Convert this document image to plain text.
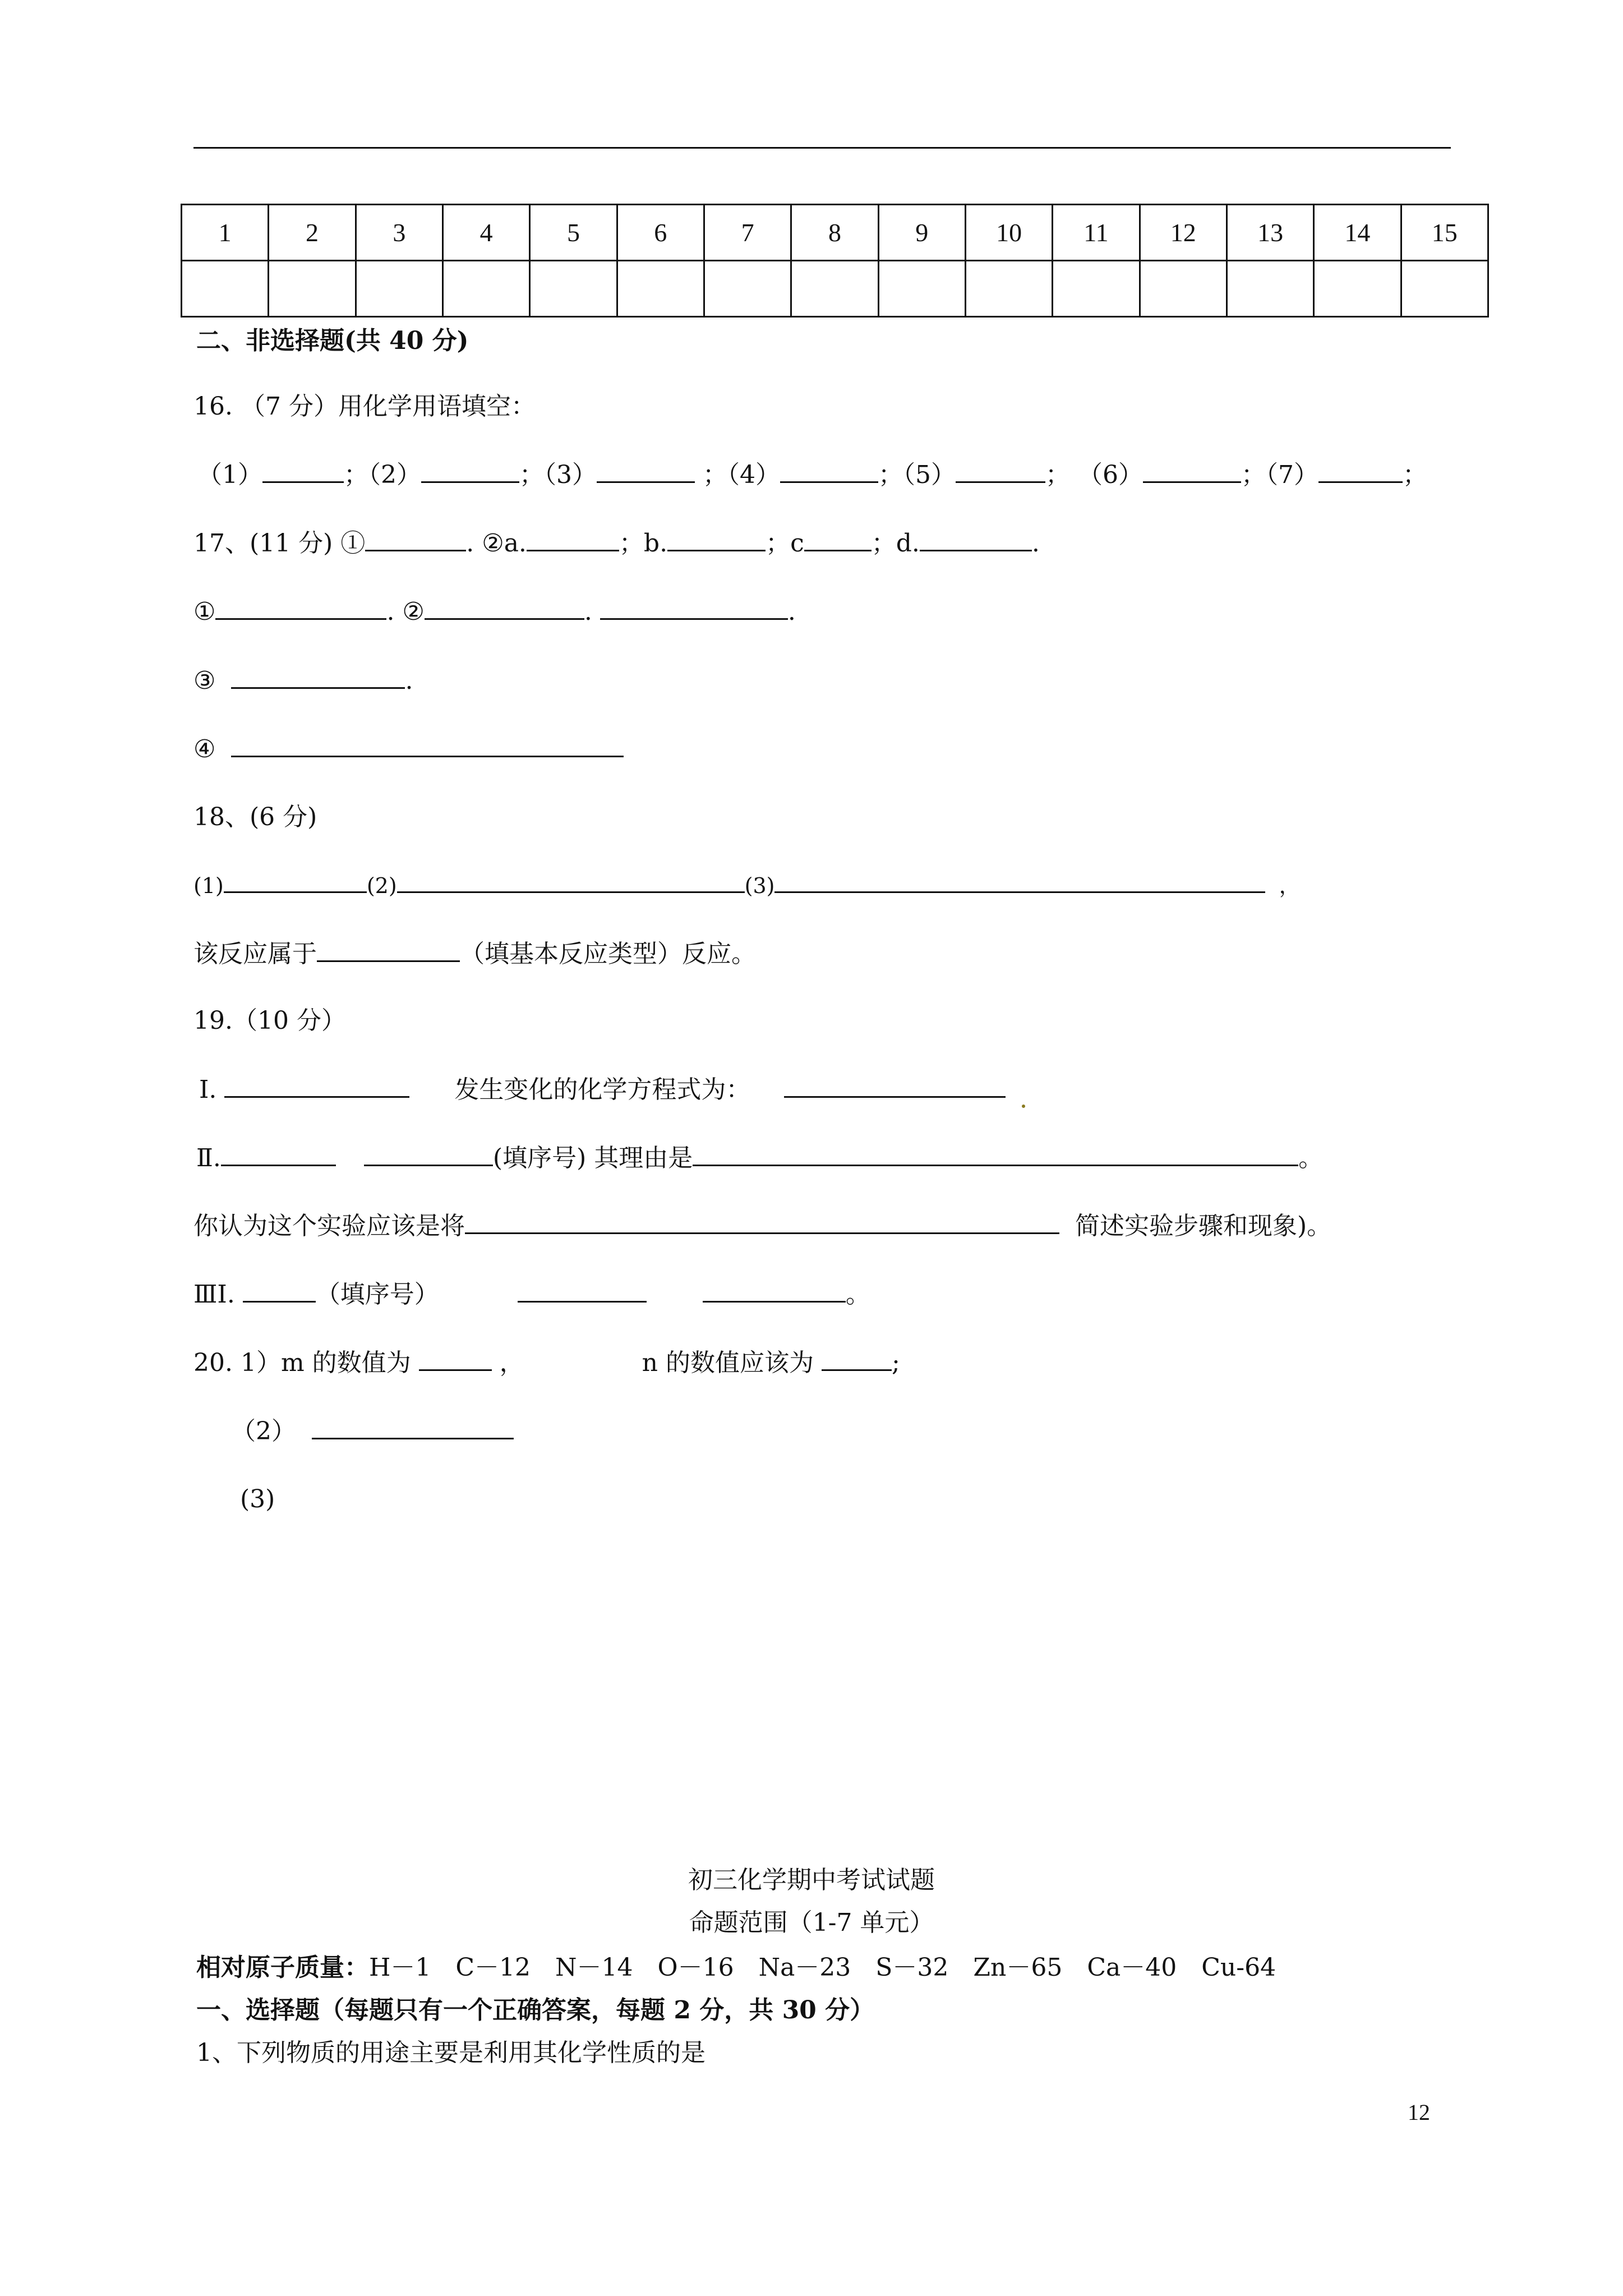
1	2	3	4	5	6	7	8	9	10	11	12	13	14	15

二、非选择题(共 40 分)
16. （7 分）用化学用语填空：
（1）	；（2）	；（3）	；（4）	；（5）	； （6）	；（7）	；
17、(11 分) ①	. ②a.	；b.	；c	；d.	.
①	. ②	.	.
③	.
④
18、(6 分)
(1)	(2)	(3)	，
该反应属于	（填基本反应类型）反应。
19.（10 分）
Ⅰ.	发生变化的化学方程式为：
Ⅱ.	(填序号) 其理由是	。
你认为这个实验应该是将	简述实验步骤和现象)。
ⅢⅠ.	（填序号）	。
20. 1）m 的数值为	，	n 的数值应该为	;
（2）
(3)
初三化学期中考试试题
命题范围（1-7 单元）
相对原子质量：H－1　C－12　N－14　O－16　Na－23　S－32　Zn－65　Ca－40　Cu-64
一、选择题（每题只有一个正确答案，每题 2 分，共 30 分）
1、下列物质的用途主要是利用其化学性质的是
12
